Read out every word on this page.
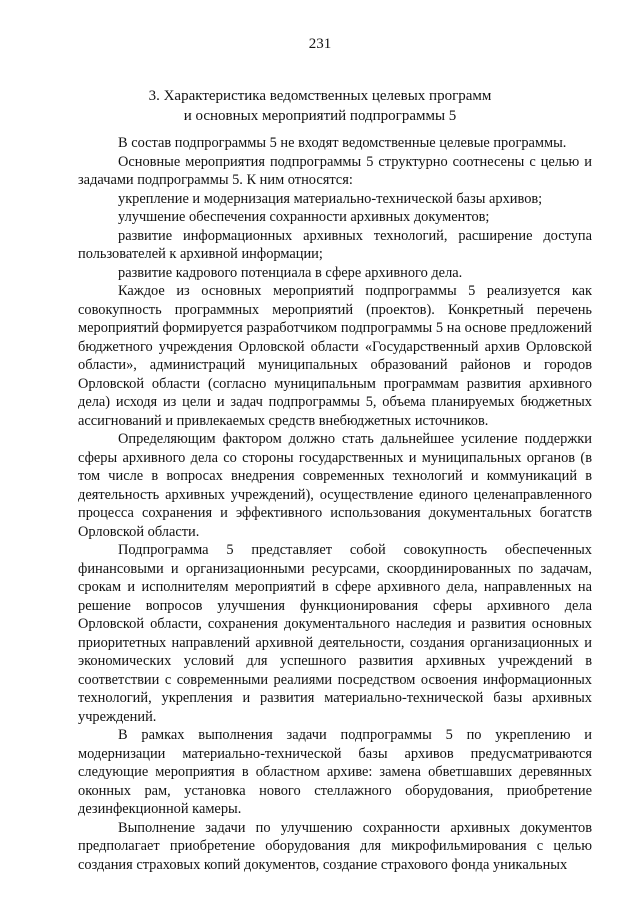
231
3. Характеристика ведомственных целевых программ
и основных мероприятий подпрограммы 5

В состав подпрограммы 5 не входят ведомственные целевые программы.

Основные мероприятия подпрограммы 5 структурно соотнесены с целью и задачами подпрограммы 5. К ним относятся:

укрепление и модернизация материально-технической базы архивов;

улучшение обеспечения сохранности архивных документов;

развитие информационных архивных технологий, расширение доступа пользователей к архивной информации;

развитие кадрового потенциала в сфере архивного дела.

Каждое из основных мероприятий подпрограммы 5 реализуется как совокупность программных мероприятий (проектов). Конкретный перечень мероприятий формируется разработчиком подпрограммы 5 на основе предложений бюджетного учреждения Орловской области «Государственный архив Орловской области», администраций муниципальных образований районов и городов Орловской области (согласно муниципальным программам развития архивного дела) исходя из цели и задач подпрограммы 5, объема планируемых бюджетных ассигнований и привлекаемых средств внебюджетных источников.

Определяющим фактором должно стать дальнейшее усиление поддержки сферы архивного дела со стороны государственных и муниципальных органов (в том числе в вопросах внедрения современных технологий и коммуникаций в деятельность архивных учреждений), осуществление единого целенаправленного процесса сохранения и эффективного использования документальных богатств Орловской области.

Подпрограмма 5 представляет собой совокупность обеспеченных финансовыми и организационными ресурсами, скоординированных по задачам, срокам и исполнителям мероприятий в сфере архивного дела, направленных на решение вопросов улучшения функционирования сферы архивного дела Орловской области, сохранения документального наследия и развития основных приоритетных направлений архивной деятельности, создания организационных и экономических условий для успешного развития архивных учреждений в соответствии с современными реалиями посредством освоения информационных технологий, укрепления и развития материально-технической базы архивных учреждений.

В рамках выполнения задачи подпрограммы 5 по укреплению и модернизации материально-технической базы архивов предусматриваются следующие мероприятия в областном архиве: замена обветшавших деревянных оконных рам, установка нового стеллажного оборудования, приобретение дезинфекционной камеры.

Выполнение задачи по улучшению сохранности архивных документов предполагает приобретение оборудования для микрофильмирования с целью создания страховых копий документов, создание страхового фонда уникальных
